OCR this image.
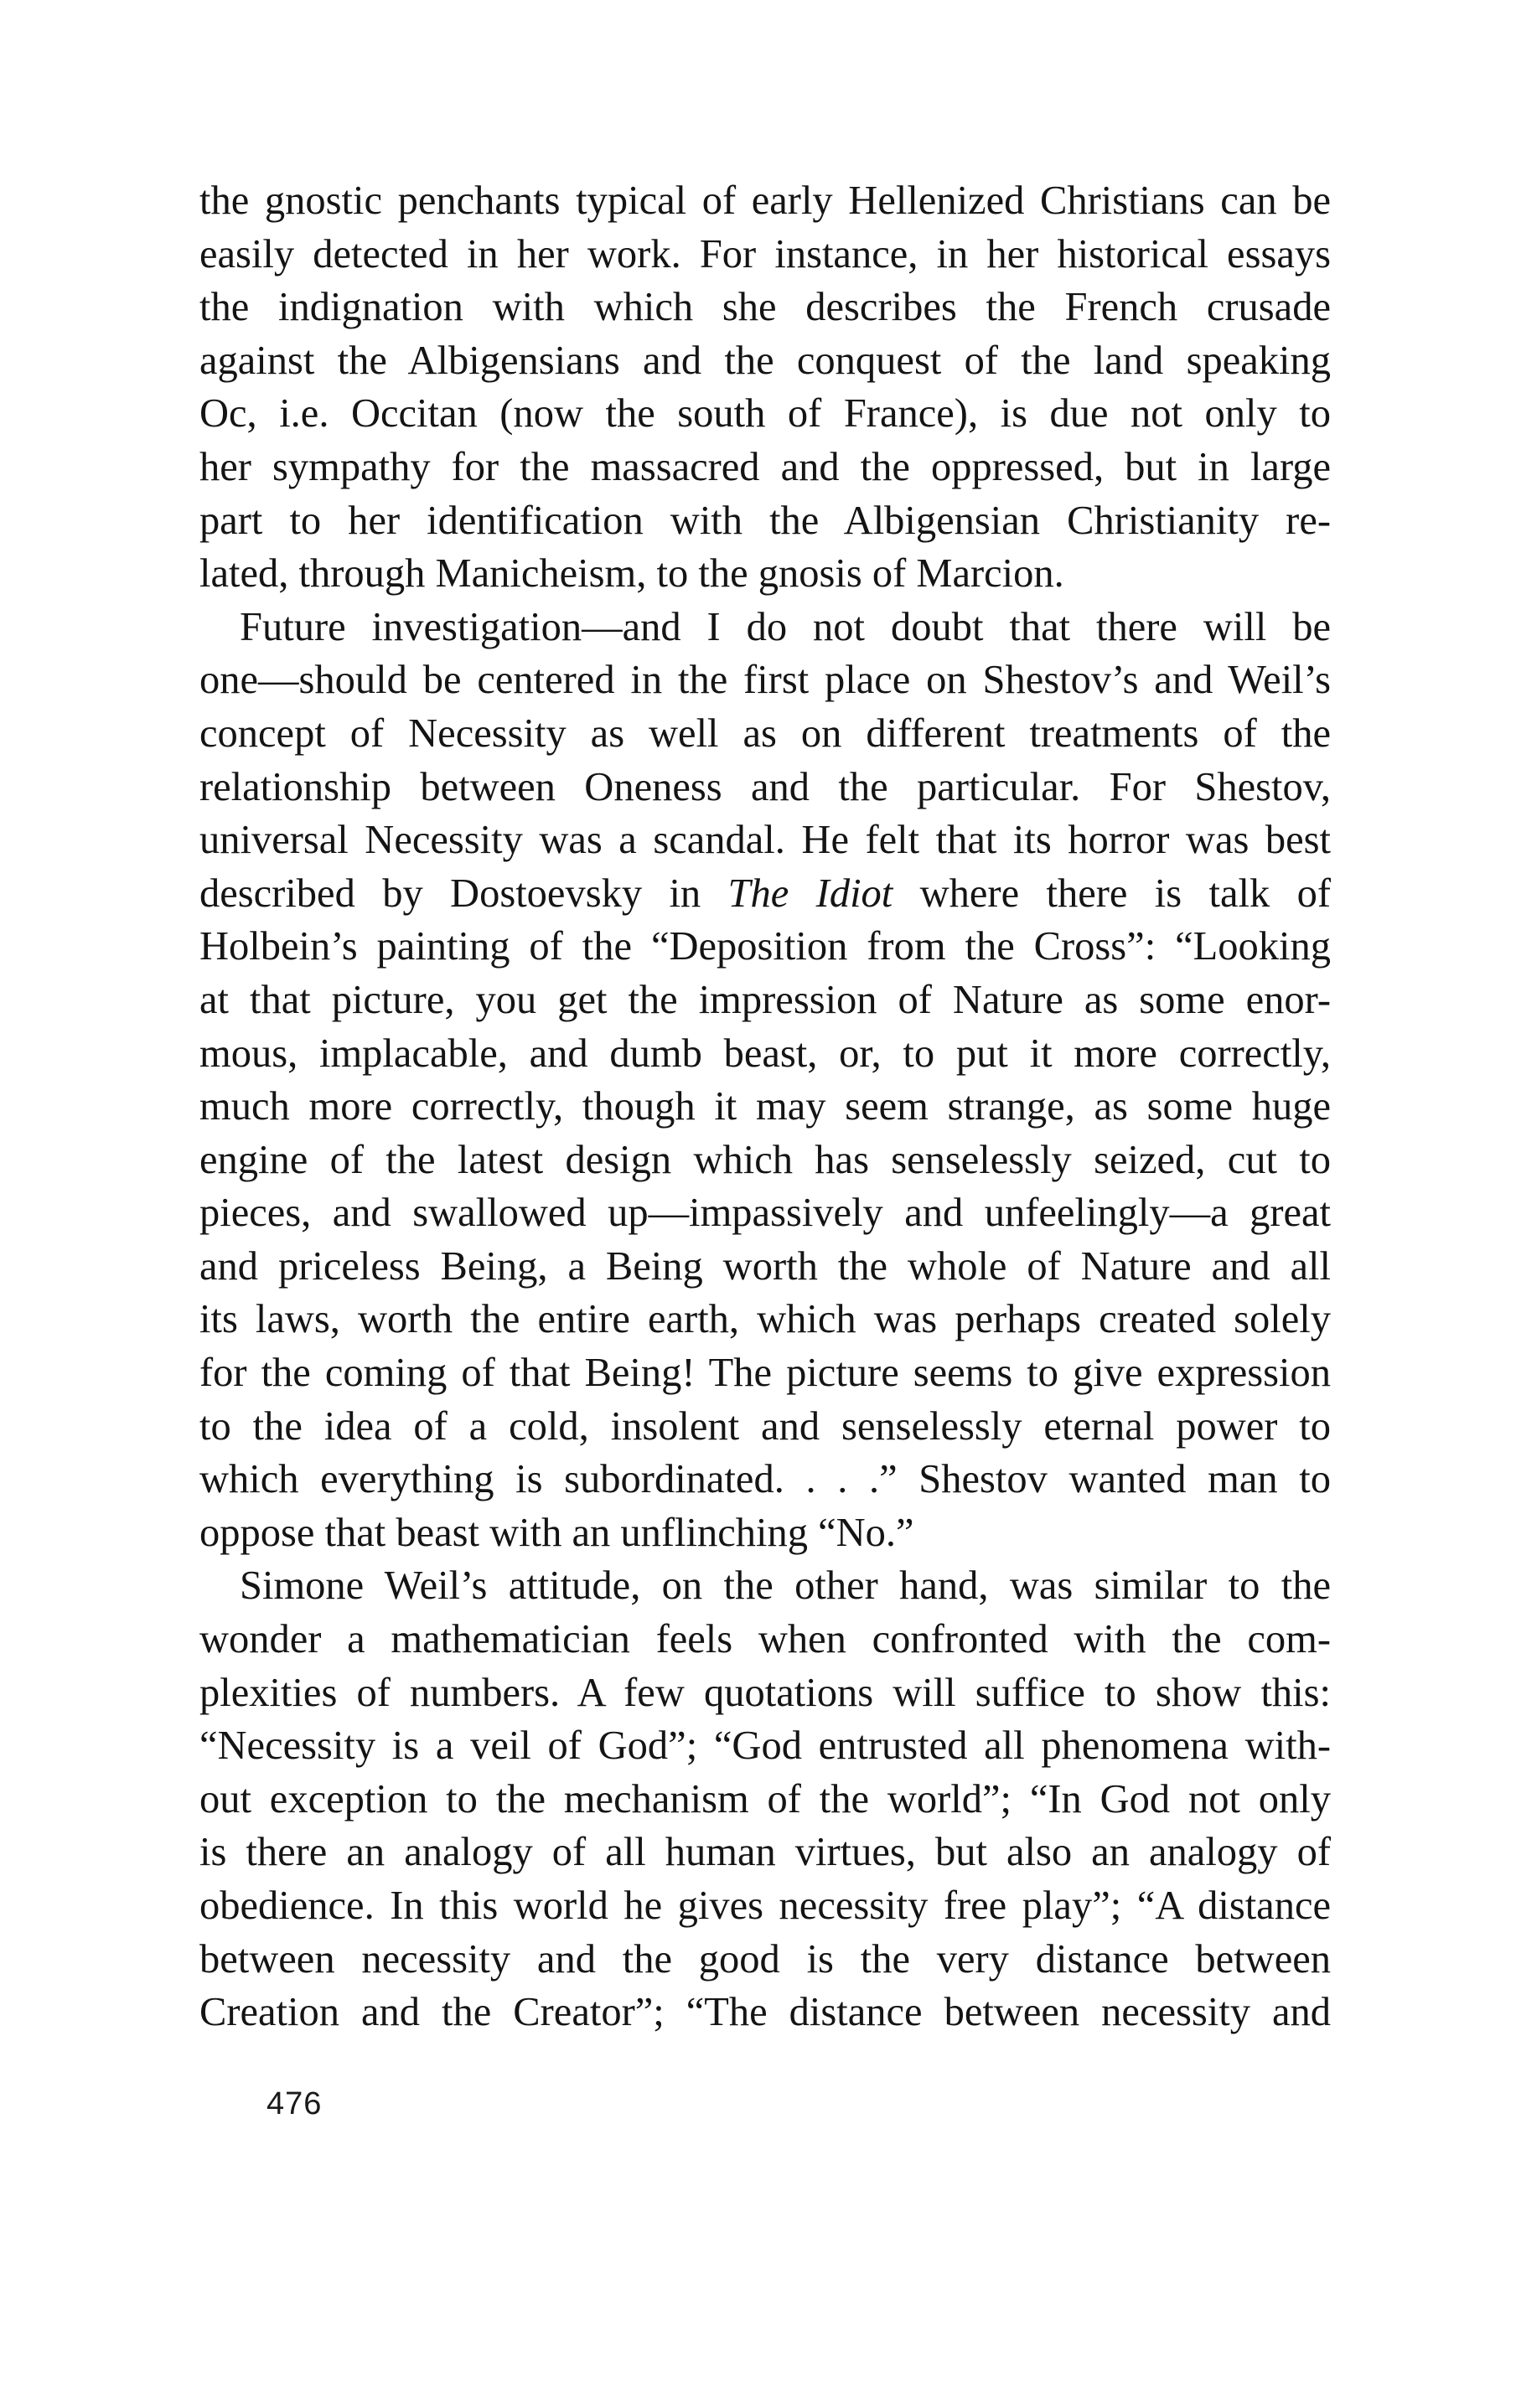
the gnostic penchants typical of early Hellenized Christians can be
easily detected in her work. For instance, in her historical essays
the indignation with which she describes the French crusade
against the Albigensians and the conquest of the land speaking
Oc, i.e. Occitan (now the south of France), is due not only to
her sympathy for the massacred and the oppressed, but in large
part to her identification with the Albigensian Christianity re-
lated, through Manicheism, to the gnosis of Marcion.
Future investigation—and I do not doubt that there will be
one—should be centered in the first place on Shestov’s and Weil’s
concept of Necessity as well as on different treatments of the
relationship between Oneness and the particular. For Shestov,
universal Necessity was a scandal. He felt that its horror was best
described by Dostoevsky in The Idiot where there is talk of
Holbein’s painting of the “Deposition from the Cross”: “Looking
at that picture, you get the impression of Nature as some enor-
mous, implacable, and dumb beast, or, to put it more correctly,
much more correctly, though it may seem strange, as some huge
engine of the latest design which has senselessly seized, cut to
pieces, and swallowed up—impassively and unfeelingly—a great
and priceless Being, a Being worth the whole of Nature and all
its laws, worth the entire earth, which was perhaps created solely
for the coming of that Being! The picture seems to give expression
to the idea of a cold, insolent and senselessly eternal power to
which everything is subordinated. . . .” Shestov wanted man to
oppose that beast with an unflinching “No.”
Simone Weil’s attitude, on the other hand, was similar to the
wonder a mathematician feels when confronted with the com-
plexities of numbers. A few quotations will suffice to show this:
“Necessity is a veil of God”; “God entrusted all phenomena with-
out exception to the mechanism of the world”; “In God not only
is there an analogy of all human virtues, but also an analogy of
obedience. In this world he gives necessity free play”; “A distance
between necessity and the good is the very distance between
Creation and the Creator”; “The distance between necessity and
476
